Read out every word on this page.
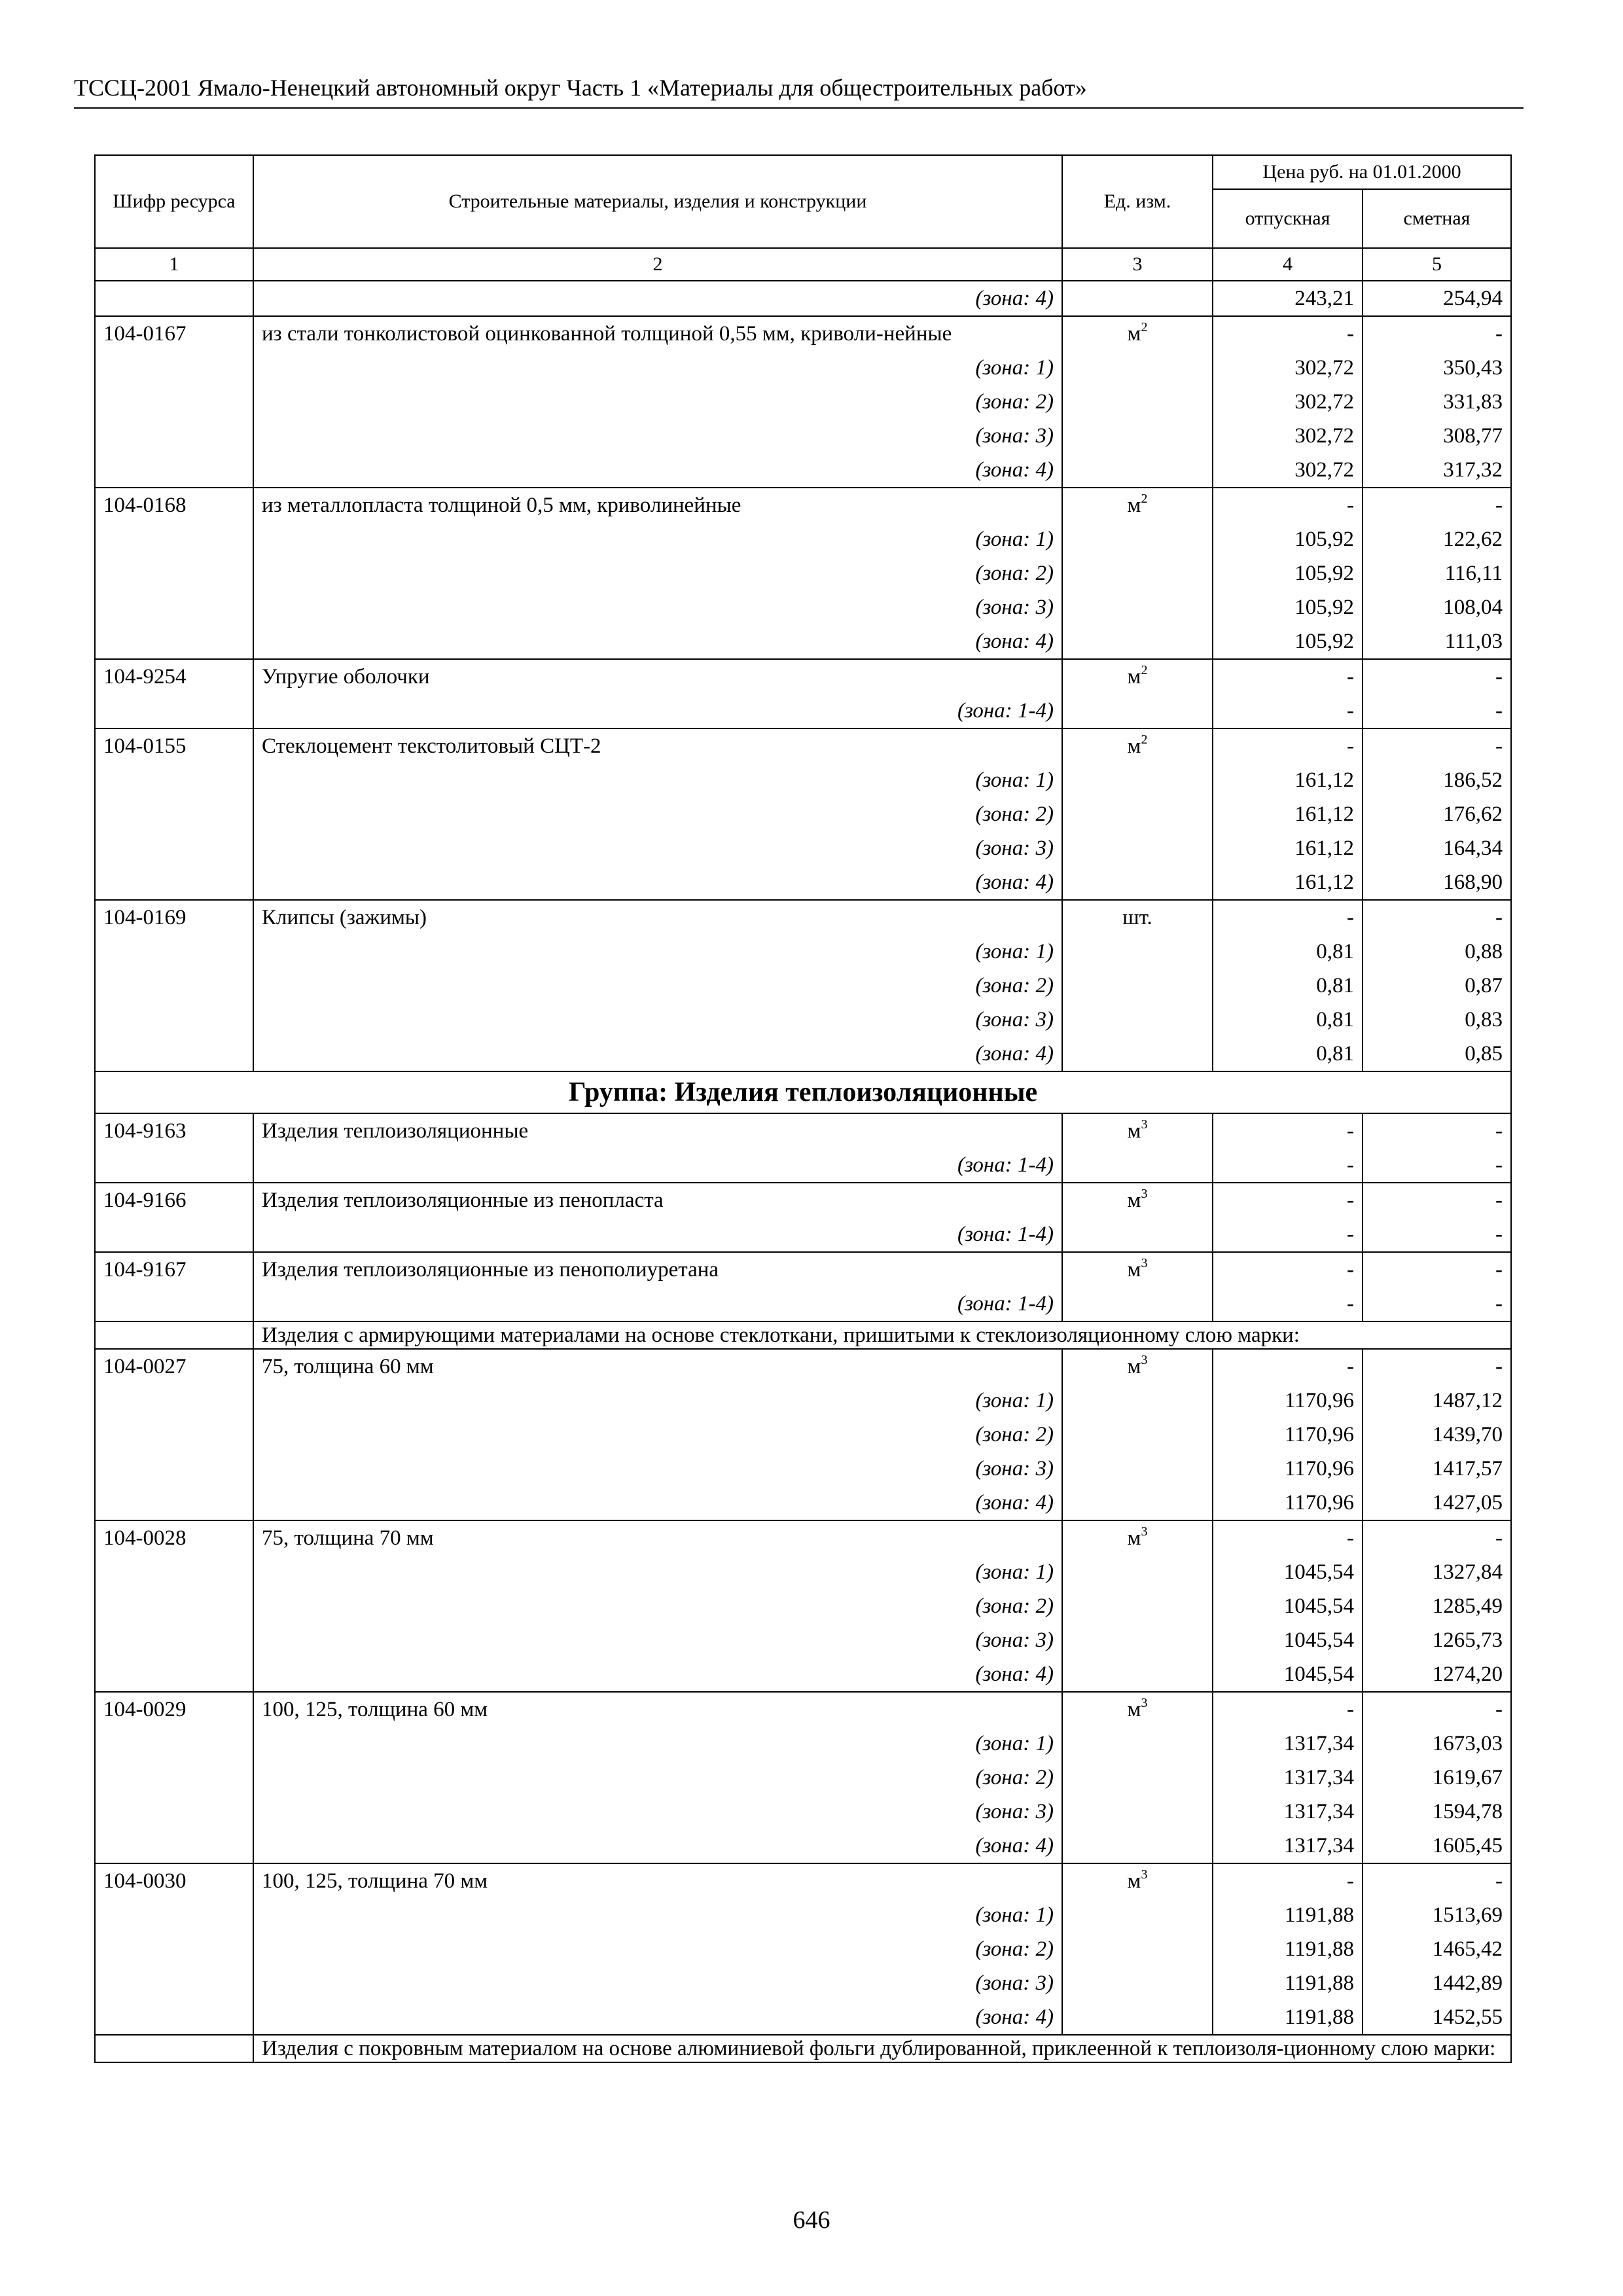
ТССЦ-2001 Ямало-Ненецкий автономный округ Часть 1 «Материалы для общестроительных работ»
Шифр ресурса	Строительные материалы, изделия и конструкции	Ед. изм.	Цена руб. на 01.01.2000	
			отпускная	сметная
1	2	3	4	5
	(зона: 4)		243,21	254,94
104-0167	из стали тонколистовой оцинкованной толщиной 0,55 мм, криволи-нейные	$м^2$	-	-
	(зона: 1)		302,72	350,43
	(зона: 2)		302,72	331,83
	(зона: 3)		302,72	308,77
	(зона: 4)		302,72	317,32
104-0168	из металлопласта толщиной 0,5 мм, криволинейные	$м^2$	-	-
	(зона: 1)		105,92	122,62
	(зона: 2)		105,92	116,11
	(зона: 3)		105,92	108,04
	(зона: 4)		105,92	111,03
104-9254	Упругие оболочки	$м^2$	-	-
	(зона: 1-4)		-	-
104-0155	Стеклоцемент текстолитовый СЦТ-2	$м^2$	-	-
	(зона: 1)		161,12	186,52
	(зона: 2)		161,12	176,62
	(зона: 3)		161,12	164,34
	(зона: 4)		161,12	168,90
104-0169	Клипсы (зажимы)	шт.	-	-
	(зона: 1)		0,81	0,88
	(зона: 2)		0,81	0,87
	(зона: 3)		0,81	0,83
	(зона: 4)		0,81	0,85
Группа: Изделия теплоизоляционные				
104-9163	Изделия теплоизоляционные	$м^3$	-	-
	(зона: 1-4)		-	-
104-9166	Изделия теплоизоляционные из пенопласта	$м^3$	-	-
	(зона: 1-4)		-	-
104-9167	Изделия теплоизоляционные из пенополиуретана	$м^3$	-	-
	(зона: 1-4)		-	-
	Изделия с армирующими материалами на основе стеклоткани, пришитыми к стеклоизоляционному слою марки:			
104-0027	75, толщина 60 мм	$м^3$	-	-
	(зона: 1)		1170,96	1487,12
	(зона: 2)		1170,96	1439,70
	(зона: 3)		1170,96	1417,57
	(зона: 4)		1170,96	1427,05
104-0028	75, толщина 70 мм	$м^3$	-	-
	(зона: 1)		1045,54	1327,84
	(зона: 2)		1045,54	1285,49
	(зона: 3)		1045,54	1265,73
	(зона: 4)		1045,54	1274,20
104-0029	100, 125, толщина 60 мм	$м^3$	-	-
	(зона: 1)		1317,34	1673,03
	(зона: 2)		1317,34	1619,67
	(зона: 3)		1317,34	1594,78
	(зона: 4)		1317,34	1605,45
104-0030	100, 125, толщина 70 мм	$м^3$	-	-
	(зона: 1)		1191,88	1513,69
	(зона: 2)		1191,88	1465,42
	(зона: 3)		1191,88	1442,89
	(зона: 4)		1191,88	1452,55
	Изделия с покровным материалом на основе алюминиевой фольги дублированной, приклеенной к теплоизоля-ционному слою марки:			
646
